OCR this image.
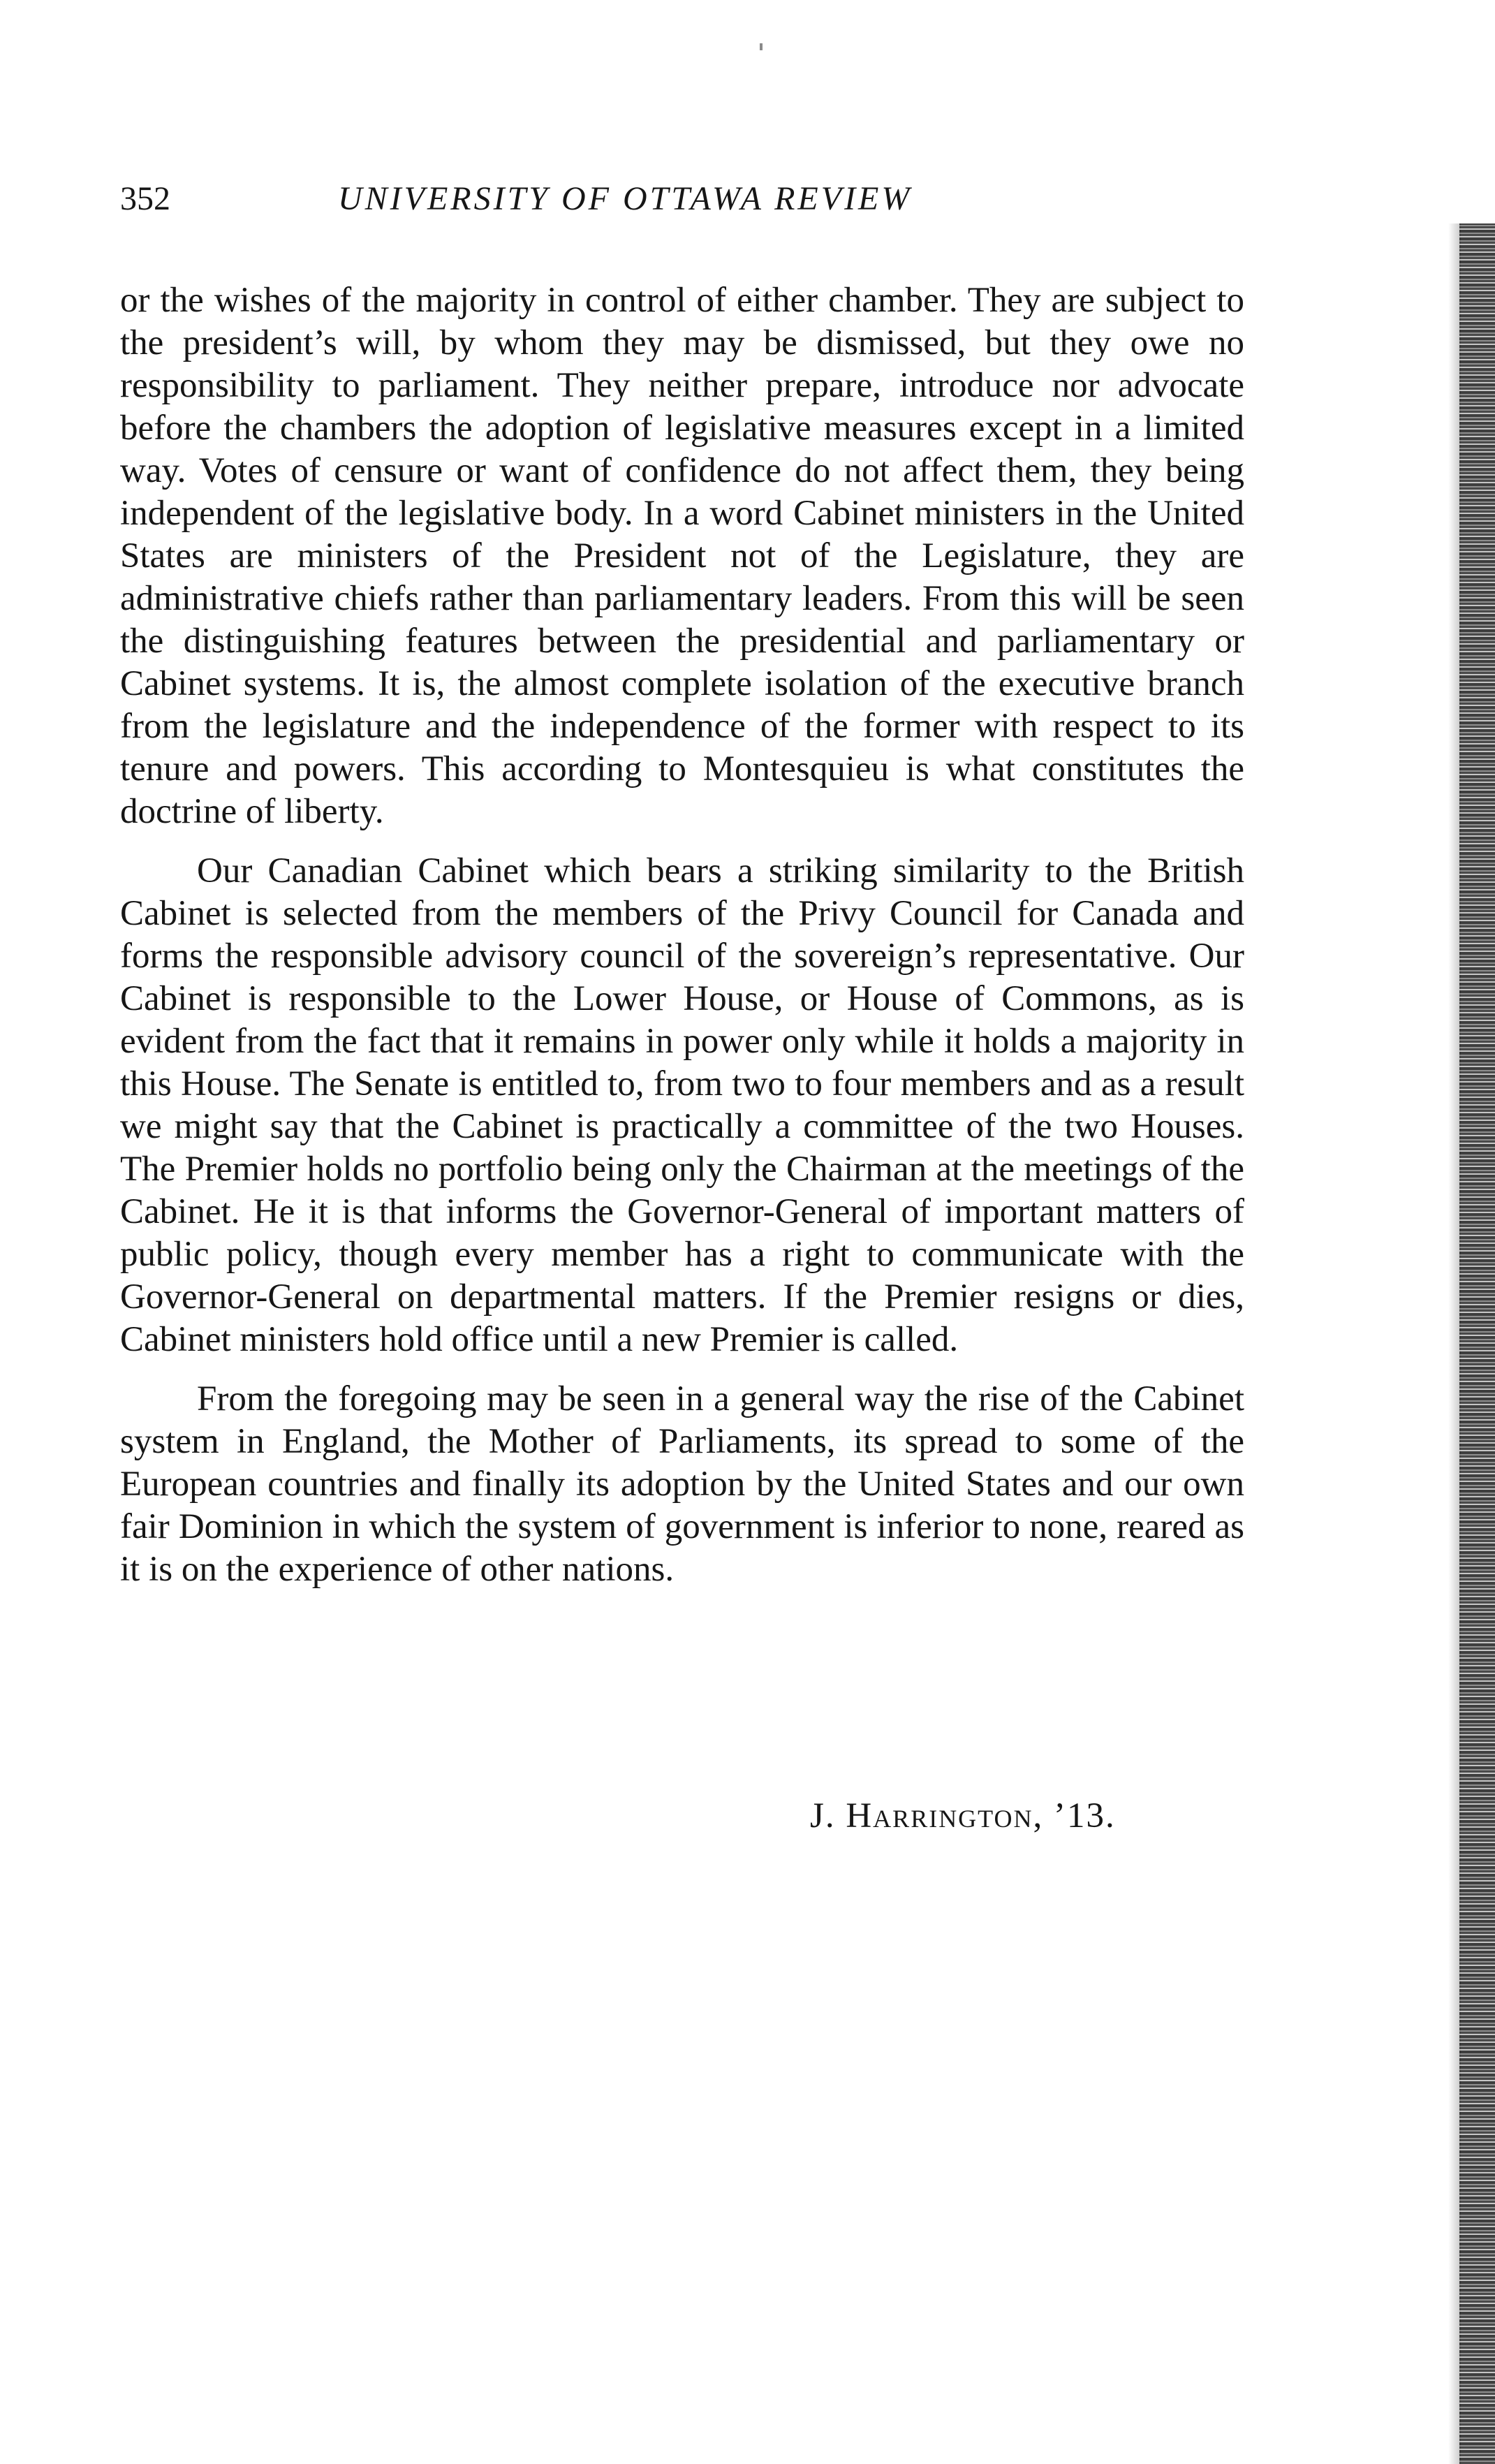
352	UNIVERSITY OF OTTAWA REVIEW

or the wishes of the majority in control of either chamber. They are subject to the president’s will, by whom they may be dismissed, but they owe no responsibility to parliament. They neither prepare, introduce nor advocate before the chambers the adoption of legislative measures except in a limited way. Votes of censure or want of confidence do not affect them, they being independent of the legislative body. In a word Cabinet ministers in the United States are ministers of the President not of the Legislature, they are administrative chiefs rather than parliamentary leaders. From this will be seen the distinguishing features between the presidential and parliamentary or Cabinet systems. It is, the almost complete isolation of the executive branch from the legislature and the independence of the former with respect to its tenure and powers. This according to Montesquieu is what constitutes the doctrine of liberty.

Our Canadian Cabinet which bears a striking similarity to the British Cabinet is selected from the members of the Privy Council for Canada and forms the responsible advisory council of the sovereign’s representative. Our Cabinet is responsible to the Lower House, or House of Commons, as is evident from the fact that it remains in power only while it holds a majority in this House. The Senate is entitled to, from two to four members and as a result we might say that the Cabinet is practically a committee of the two Houses. The Premier holds no portfolio being only the Chairman at the meetings of the Cabinet. He it is that informs the Governor-General of important matters of public policy, though every member has a right to communicate with the Governor-General on departmental matters. If the Premier resigns or dies, Cabinet ministers hold office until a new Premier is called.

From the foregoing may be seen in a general way the rise of the Cabinet system in England, the Mother of Parliaments, its spread to some of the European countries and finally its adoption by the United States and our own fair Dominion in which the system of government is inferior to none, reared as it is on the experience of other nations.

J. Harrington, ’13.
